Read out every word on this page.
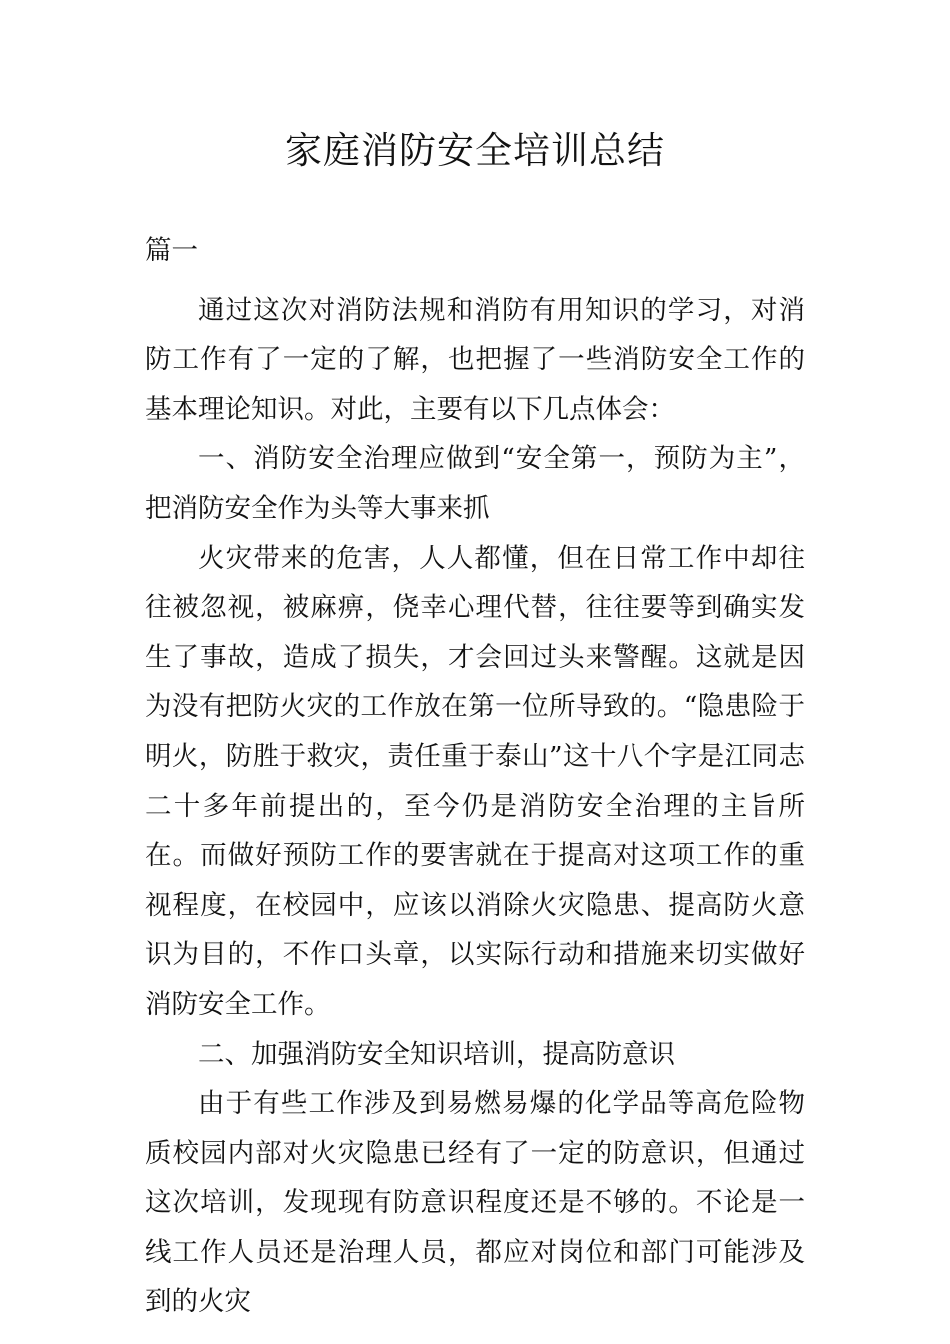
家庭消防安全培训总结

篇一

通过这次对消防法规和消防有用知识的学习，对消防工作有了一定的了解，也把握了一些消防安全工作的基本理论知识。对此，主要有以下几点体会：

一、消防安全治理应做到“安全第一，预防为主”，把消防安全作为头等大事来抓

火灾带来的危害，人人都懂，但在日常工作中却往往被忽视，被麻痹，侥幸心理代替，往往要等到确实发生了事故，造成了损失，才会回过头来警醒。这就是因为没有把防火灾的工作放在第一位所导致的。“隐患险于明火，防胜于救灾，责任重于泰山”这十八个字是江同志二十多年前提出的，至今仍是消防安全治理的主旨所在。而做好预防工作的要害就在于提高对这项工作的重视程度，在校园中，应该以消除火灾隐患、提高防火意识为目的，不作口头章，以实际行动和措施来切实做好消防安全工作。

二、加强消防安全知识培训，提高防意识

由于有些工作涉及到易燃易爆的化学品等高危险物质校园内部对火灾隐患已经有了一定的防意识，但通过这次培训，发现现有防意识程度还是不够的。不论是一线工作人员还是治理人员，都应对岗位和部门可能涉及到的火灾
